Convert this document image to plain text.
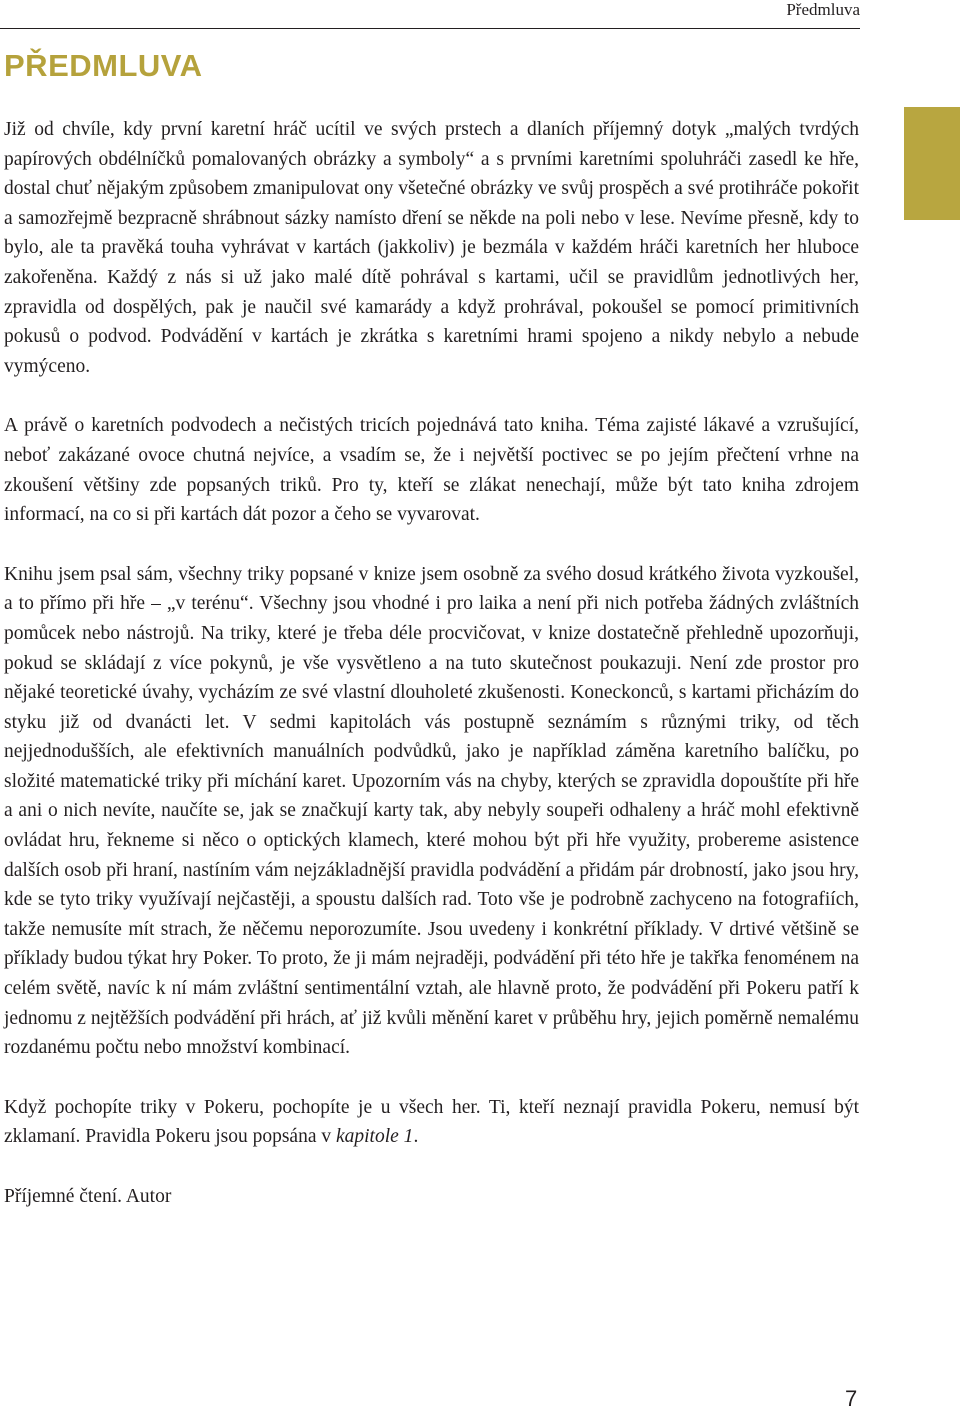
Předmluva
PŘEDMLUVA

Již od chvíle, kdy první karetní hráč ucítil ve svých prstech a dlaních příjemný dotyk „malých tvrdých papírových obdélníčků pomalovaných obrázky a symboly“ a s prvními karetními spoluhráči zasedl ke hře, dostal chuť nějakým způsobem zmanipulovat ony všetečné obrázky ve svůj prospěch a své protihráče pokořit a samozřejmě bezpracně shrábnout sázky namísto dření se někde na poli nebo v lese. Nevíme přesně, kdy to bylo, ale ta pravěká touha vyhrávat v kartách (jakkoliv) je bezmála v každém hráči karetních her hluboce zakořeněna. Každý z nás si už jako malé dítě pohrával s kartami, učil se pravidlům jednotlivých her, zpravidla od dospělých, pak je naučil své kamarády a když prohrával, pokoušel se pomocí primitivních pokusů o podvod. Podvádění v kartách je zkrátka s karetními hrami spojeno a nikdy nebylo a nebude vymýceno.

A právě o karetních podvodech a nečistých tricích pojednává tato kniha. Téma zajisté lákavé a vzrušující, neboť zakázané ovoce chutná nejvíce, a vsadím se, že i největší poctivec se po jejím přečtení vrhne na zkoušení většiny zde popsaných triků. Pro ty, kteří se zlákat nenechají, může být tato kniha zdrojem informací, na co si při kartách dát pozor a čeho se vyvarovat.

Knihu jsem psal sám, všechny triky popsané v knize jsem osobně za svého dosud krátkého života vyzkoušel, a to přímo při hře – „v terénu“. Všechny jsou vhodné i pro laika a není při nich potřeba žádných zvláštních pomůcek nebo nástrojů. Na triky, které je třeba déle procvičovat, v knize dostatečně přehledně upozorňuji, pokud se skládají z více pokynů, je vše vysvětleno a na tuto skutečnost poukazuji. Není zde prostor pro nějaké teoretické úvahy, vycházím ze své vlastní dlouholeté zkušenosti. Koneckonců, s kartami přicházím do styku již od dvanácti let. V sedmi kapitolách vás postupně seznámím s různými triky, od těch nejjednodušších, ale efektivních manuálních podvůdků, jako je například záměna karetního balíčku, po složité matematické triky při míchání karet. Upozorním vás na chyby, kterých se zpravidla dopouštíte při hře a ani o nich nevíte, naučíte se, jak se značkují karty tak, aby nebyly soupeři odhaleny a hráč mohl efektivně ovládat hru, řekneme si něco o optických klamech, které mohou být při hře využity, probereme asistence dalších osob při hraní, nastíním vám nejzákladnější pravidla podvádění a přidám pár drobností, jako jsou hry, kde se tyto triky využívají nejčastěji, a spoustu dalších rad. Toto vše je podrobně zachyceno na fotografiích, takže nemusíte mít strach, že něčemu neporozumíte. Jsou uvedeny i konkrétní příklady. V drtivé většině se příklady budou týkat hry Poker. To proto, že ji mám nejraději, podvádění při této hře je takřka fenoménem na celém světě, navíc k ní mám zvláštní sentimentální vztah, ale hlavně proto, že podvádění při Pokeru patří k jednomu z nejtěžších podvádění při hrách, ať již kvůli měnění karet v průběhu hry, jejich poměrně nemalému rozdanému počtu nebo množství kombinací.

Když pochopíte triky v Pokeru, pochopíte je u všech her. Ti, kteří neznají pravidla Pokeru, nemusí být zklamaní. Pravidla Pokeru jsou popsána v kapitole 1.

Příjemné čtení. Autor

7
